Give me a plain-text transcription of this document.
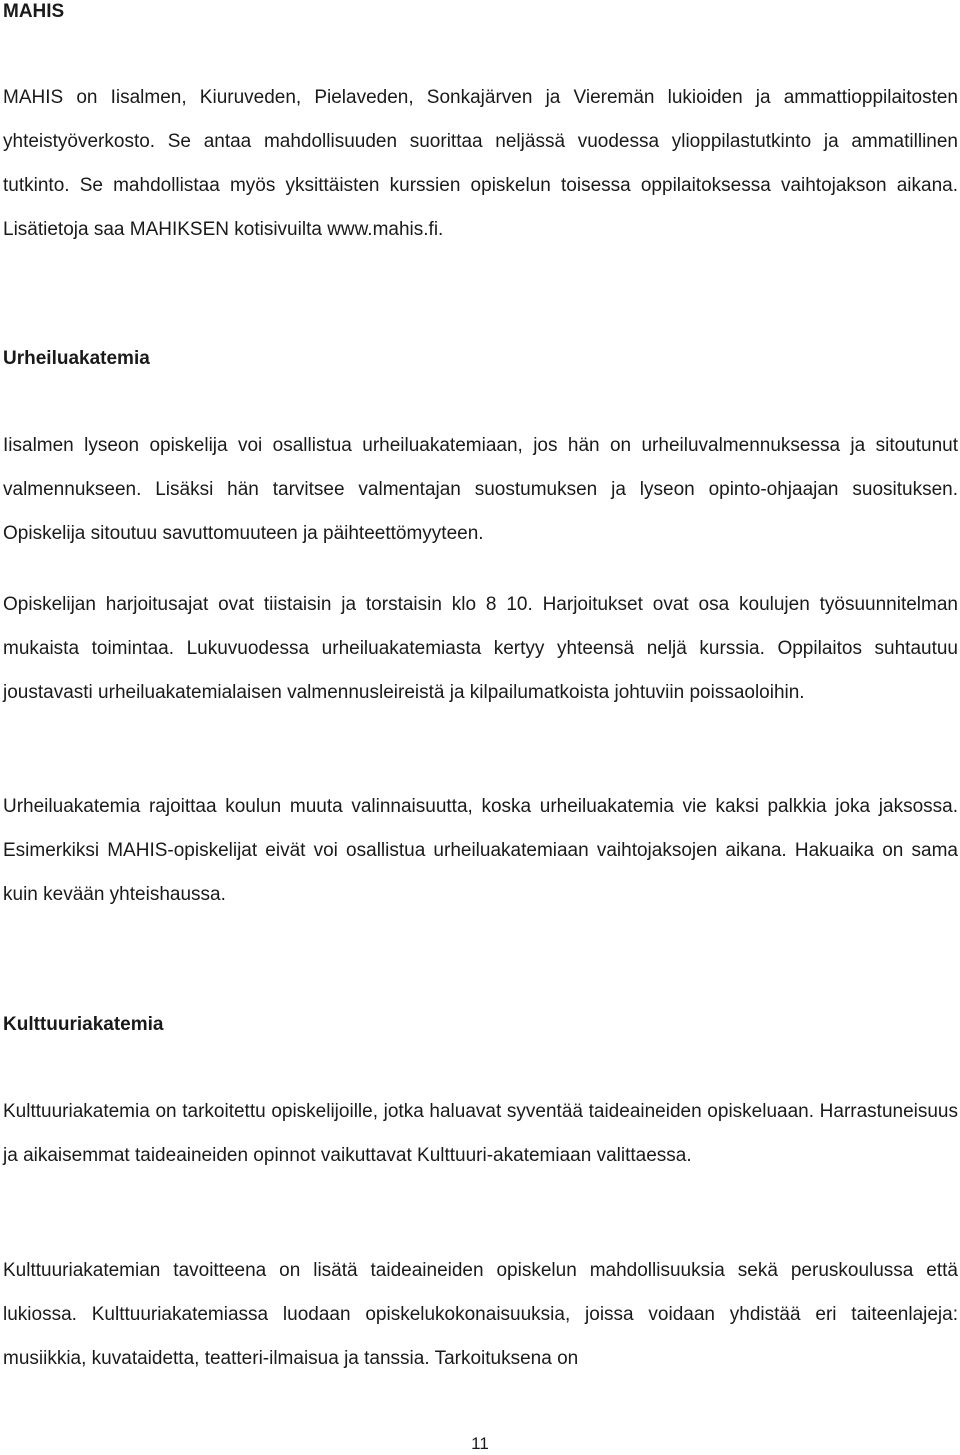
MAHIS

MAHIS on Iisalmen, Kiuruveden, Pielaveden, Sonkajärven ja Vieremän lukioiden ja ammattioppilaitosten yhteistyöverkosto. Se antaa mahdollisuuden suorittaa neljässä vuodessa ylioppilastutkinto ja ammatillinen tutkinto. Se mahdollistaa myös yksittäisten kurssien opiskelun toisessa oppilaitoksessa vaihtojakson aikana. Lisätietoja saa MAHIKSEN kotisivuilta www.mahis.fi.

Urheiluakatemia

Iisalmen lyseon opiskelija voi osallistua urheiluakatemiaan, jos hän on urheiluvalmennuksessa ja sitoutunut valmennukseen. Lisäksi hän tarvitsee valmentajan suostumuksen ja lyseon opinto-ohjaajan suosituksen. Opiskelija sitoutuu savuttomuuteen ja päihteettömyyteen.

Opiskelijan harjoitusajat ovat tiistaisin ja torstaisin klo 8 10. Harjoitukset ovat osa koulujen työsuunnitelman mukaista toimintaa. Lukuvuodessa urheiluakatemiasta kertyy yhteensä neljä kurssia. Oppilaitos suhtautuu joustavasti urheiluakatemialaisen valmennusleireistä ja kilpailumatkoista johtuviin poissaoloihin.

Urheiluakatemia rajoittaa koulun muuta valinnaisuutta, koska urheiluakatemia vie kaksi palkkia joka jaksossa. Esimerkiksi MAHIS-opiskelijat eivät voi osallistua urheiluakatemiaan vaihtojaksojen aikana. Hakuaika on sama kuin kevään yhteishaussa.

Kulttuuriakatemia

Kulttuuriakatemia on tarkoitettu opiskelijoille, jotka haluavat syventää taideaineiden opiskeluaan. Harrastuneisuus ja aikaisemmat taideaineiden opinnot vaikuttavat Kulttuuri-akatemiaan valittaessa.

Kulttuuriakatemian tavoitteena on lisätä taideaineiden opiskelun mahdollisuuksia sekä peruskoulussa että lukiossa. Kulttuuriakatemiassa luodaan opiskelukokonaisuuksia, joissa voidaan yhdistää eri taiteenlajeja: musiikkia, kuvataidetta, teatteri-ilmaisua ja tanssia. Tarkoituksena on

11
